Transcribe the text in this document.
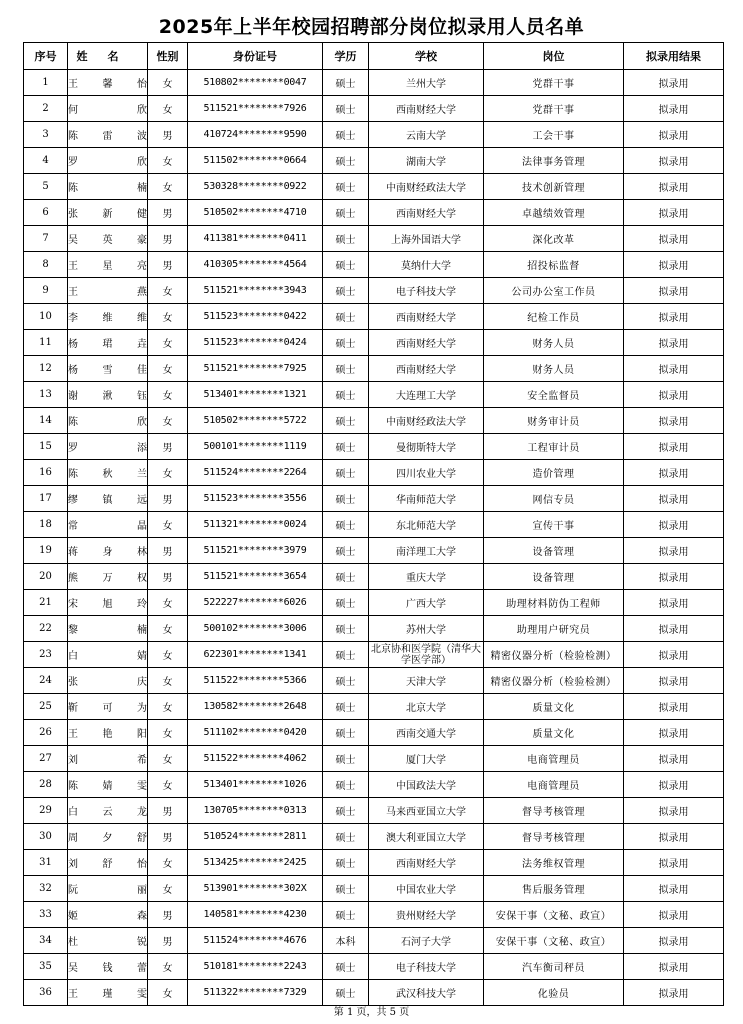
2025年上半年校园招聘部分岗位拟录用人员名单
序号	姓名	性别	身份证号	学历	学校	岗位	拟录用结果
1	王馨怡	女	510802********0047	硕士	兰州大学	党群干事	拟录用
2	何欣	女	511521********7926	硕士	西南财经大学	党群干事	拟录用
3	陈雷波	男	410724********9590	硕士	云南大学	工会干事	拟录用
4	罗欣	女	511502********0664	硕士	湖南大学	法律事务管理	拟录用
5	陈楠	女	530328********0922	硕士	中南财经政法大学	技术创新管理	拟录用
6	张新健	男	510502********4710	硕士	西南财经大学	卓越绩效管理	拟录用
7	吴英豪	男	411381********0411	硕士	上海外国语大学	深化改革	拟录用
8	王星亮	男	410305********4564	硕士	莫纳什大学	招投标监督	拟录用
9	王燕	女	511521********3943	硕士	电子科技大学	公司办公室工作员	拟录用
10	李维维	女	511523********0422	硕士	西南财经大学	纪检工作员	拟录用
11	杨珺垚	女	511523********0424	硕士	西南财经大学	财务人员	拟录用
12	杨雪佳	女	511521********7925	硕士	西南财经大学	财务人员	拟录用
13	谢湫钰	女	513401********1321	硕士	大连理工大学	安全监督员	拟录用
14	陈欣	女	510502********5722	硕士	中南财经政法大学	财务审计员	拟录用
15	罗添	男	500101********1119	硕士	曼彻斯特大学	工程审计员	拟录用
16	陈秋兰	女	511524********2264	硕士	四川农业大学	造价管理	拟录用
17	缪镇远	男	511523********3556	硕士	华南师范大学	网信专员	拟录用
18	常晶	女	511321********0024	硕士	东北师范大学	宣传干事	拟录用
19	蒋身林	男	511521********3979	硕士	南洋理工大学	设备管理	拟录用
20	熊万权	男	511521********3654	硕士	重庆大学	设备管理	拟录用
21	宋旭玲	女	522227********6026	硕士	广西大学	助理材料防伪工程师	拟录用
22	黎楠	女	500102********3006	硕士	苏州大学	助理用户研究员	拟录用
23	白婧	女	622301********1341	硕士	北京协和医学院（清华大学医学部）	精密仪器分析（检验检测）	拟录用
24	张庆	女	511522********5366	硕士	天津大学	精密仪器分析（检验检测）	拟录用
25	靳可为	女	130582********2648	硕士	北京大学	质量文化	拟录用
26	王艳阳	女	511102********0420	硕士	西南交通大学	质量文化	拟录用
27	刘希	女	511522********4062	硕士	厦门大学	电商管理员	拟录用
28	陈婧雯	女	513401********1026	硕士	中国政法大学	电商管理员	拟录用
29	白云龙	男	130705********0313	硕士	马来西亚国立大学	督导考核管理	拟录用
30	周夕舒	男	510524********2811	硕士	澳大利亚国立大学	督导考核管理	拟录用
31	刘舒怡	女	513425********2425	硕士	西南财经大学	法务维权管理	拟录用
32	阮丽	女	513901********302X	硕士	中国农业大学	售后服务管理	拟录用
33	姬森	男	140581********4230	硕士	贵州财经大学	安保干事（文秘、政宣）	拟录用
34	杜锐	男	511524********4676	本科	石河子大学	安保干事（文秘、政宣）	拟录用
35	吴钱蕾	女	510181********2243	硕士	电子科技大学	汽车衡司秤员	拟录用
36	王瑾雯	女	511322********7329	硕士	武汉科技大学	化验员	拟录用
第 1 页，共 5 页
